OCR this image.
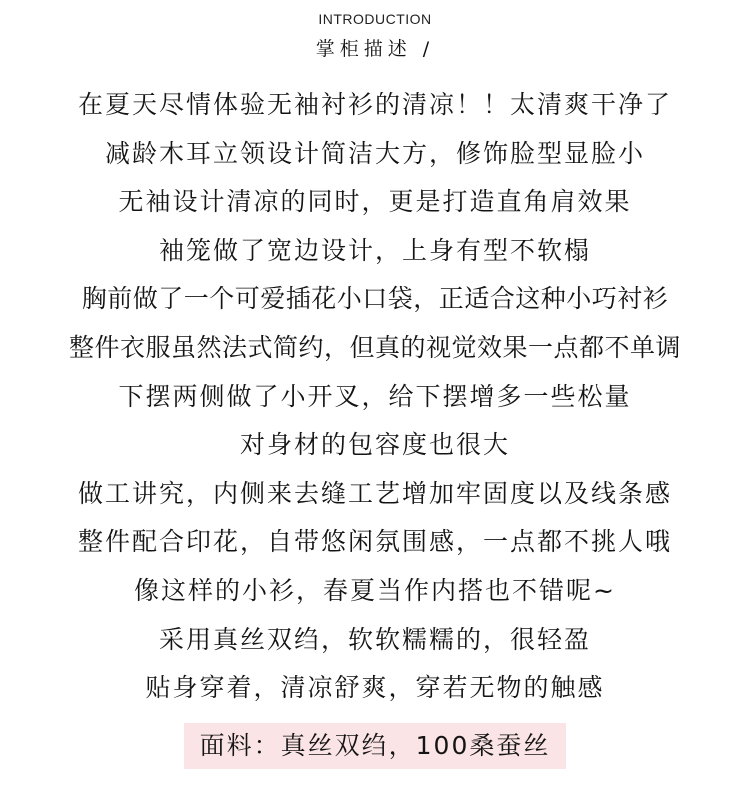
INTRODUCTION
掌柜描述 /
在夏天尽情体验无袖衬衫的清凉！！太清爽干净了
减龄木耳立领设计简洁大方，修饰脸型显脸小
无袖设计清凉的同时，更是打造直角肩效果
袖笼做了宽边设计，上身有型不软榻
胸前做了一个可爱插花小口袋，正适合这种小巧衬衫
整件衣服虽然法式简约，但真的视觉效果一点都不单调
下摆两侧做了小开叉，给下摆增多一些松量
对身材的包容度也很大
做工讲究，内侧来去缝工艺增加牢固度以及线条感
整件配合印花，自带悠闲氛围感，一点都不挑人哦
像这样的小衫，春夏当作内搭也不错呢~
采用真丝双绉，软软糯糯的，很轻盈
贴身穿着，清凉舒爽，穿若无物的触感
面料：真丝双绉，100桑蚕丝
